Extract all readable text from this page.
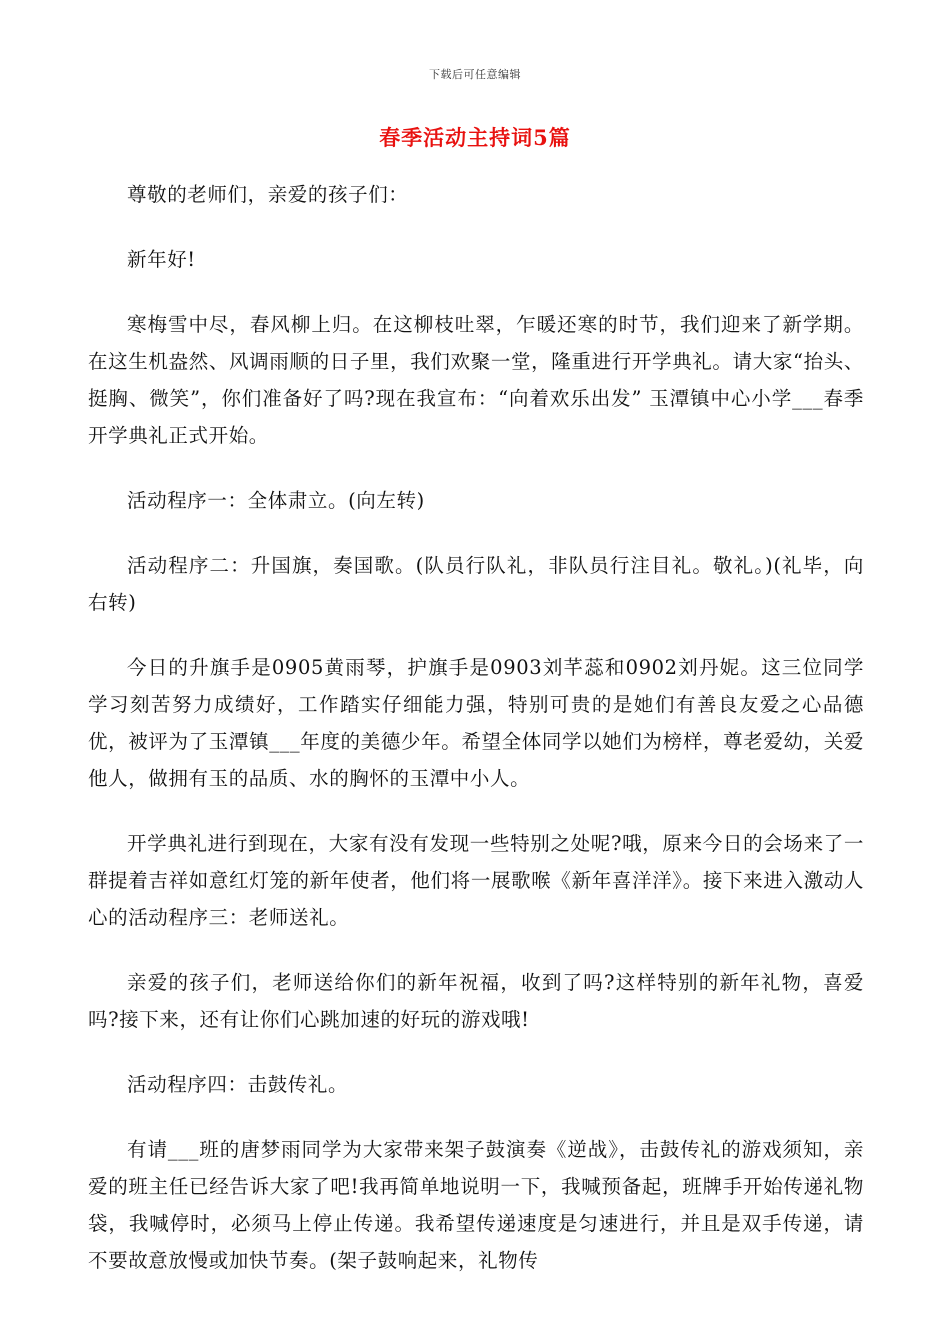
下载后可任意编辑
春季活动主持词5篇

尊敬的老师们，亲爱的孩子们：

新年好!

寒梅雪中尽，春风柳上归。在这柳枝吐翠，乍暖还寒的时节，我们迎来了新学期。在这生机盎然、风调雨顺的日子里，我们欢聚一堂，隆重进行开学典礼。请大家“抬头、挺胸、微笑”，你们准备好了吗?现在我宣布：“向着欢乐出发” 玉潭镇中心小学___春季开学典礼正式开始。

活动程序一：全体肃立。(向左转)

活动程序二：升国旗，奏国歌。(队员行队礼，非队员行注目礼。敬礼。)(礼毕，向右转)

今日的升旗手是0905黄雨琴，护旗手是0903刘芊蕊和0902刘丹妮。这三位同学学习刻苦努力成绩好，工作踏实仔细能力强，特别可贵的是她们有善良友爱之心品德优，被评为了玉潭镇___年度的美德少年。希望全体同学以她们为榜样，尊老爱幼，关爱他人，做拥有玉的品质、水的胸怀的玉潭中小人。

开学典礼进行到现在，大家有没有发现一些特别之处呢?哦，原来今日的会场来了一群提着吉祥如意红灯笼的新年使者，他们将一展歌喉《新年喜洋洋》。接下来进入激动人心的活动程序三：老师送礼。

亲爱的孩子们，老师送给你们的新年祝福，收到了吗?这样特别的新年礼物，喜爱吗?接下来，还有让你们心跳加速的好玩的游戏哦!

活动程序四：击鼓传礼。

有请___班的唐梦雨同学为大家带来架子鼓演奏《逆战》，击鼓传礼的游戏须知，亲爱的班主任已经告诉大家了吧!我再简单地说明一下，我喊预备起，班牌手开始传递礼物袋，我喊停时，必须马上停止传递。我希望传递速度是匀速进行，并且是双手传递，请不要故意放慢或加快节奏。(架子鼓响起来，礼物传
